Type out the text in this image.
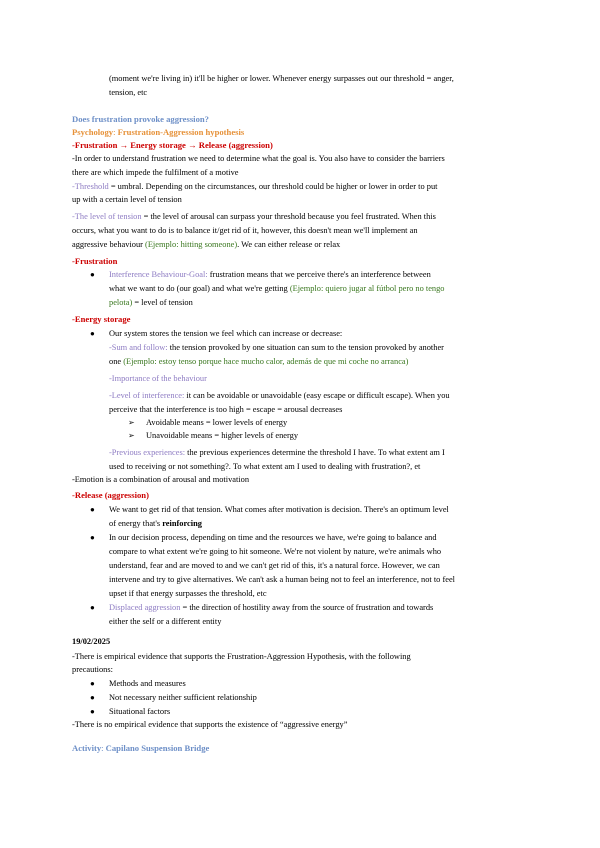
(moment we're living in) it'll be higher or lower. Whenever energy surpasses out our threshold = anger,
tension, etc
Does frustration provoke aggression?
Psychology: Frustration-Aggression hypothesis
-Frustration → Energy storage → Release (aggression)
-In order to understand frustration we need to determine what the goal is. You also have to consider the barriers
there are which impede the fulfilment of a motive
-Threshold = umbral. Depending on the circumstances, our threshold could be higher or lower in order to put
up with a certain level of tension
-The level of tension = the level of arousal can surpass your threshold because you feel frustrated. When this
occurs, what you want to do is to balance it/get rid of it, however, this doesn't mean we'll implement an
aggressive behaviour (Ejemplo: hitting someone). We can either release or relax
-Frustration
● Interference Behaviour-Goal: frustration means that we perceive there's an interference between
what we want to do (our goal) and what we're getting (Ejemplo: quiero jugar al fútbol pero no tengo
pelota) = level of tension
-Energy storage
● Our system stores the tension we feel which can increase or decrease:
-Sum and follow: the tension provoked by one situation can sum to the tension provoked by another
one (Ejemplo: estoy tenso porque hace mucho calor, además de que mi coche no arranca)
-Importance of the behaviour
-Level of interference: it can be avoidable or unavoidable (easy escape or difficult escape). When you
perceive that the interference is too high = escape = arousal decreases
➢ Avoidable means = lower levels of energy
➢ Unavoidable means = higher levels of energy
-Previous experiences: the previous experiences determine the threshold I have. To what extent am I
used to receiving or not something?. To what extent am I used to dealing with frustration?, et
-Emotion is a combination of arousal and motivation
-Release (aggression)
● We want to get rid of that tension. What comes after motivation is decision. There's an optimum level
of energy that's reinforcing
● In our decision process, depending on time and the resources we have, we're going to balance and
compare to what extent we're going to hit someone. We're not violent by nature, we're animals who
understand, fear and are moved to and we can't get rid of this, it's a natural force. However, we can
intervene and try to give alternatives. We can't ask a human being not to feel an interference, not to feel
upset if that energy surpasses the threshold, etc
● Displaced aggression = the direction of hostility away from the source of frustration and towards
either the self or a different entity
19/02/2025
-There is empirical evidence that supports the Frustration-Aggression Hypothesis, with the following
precautions:
● Methods and measures
● Not necessary neither sufficient relationship
● Situational factors
-There is no empirical evidence that supports the existence of “aggressive energy”
Activity: Capilano Suspension Bridge
